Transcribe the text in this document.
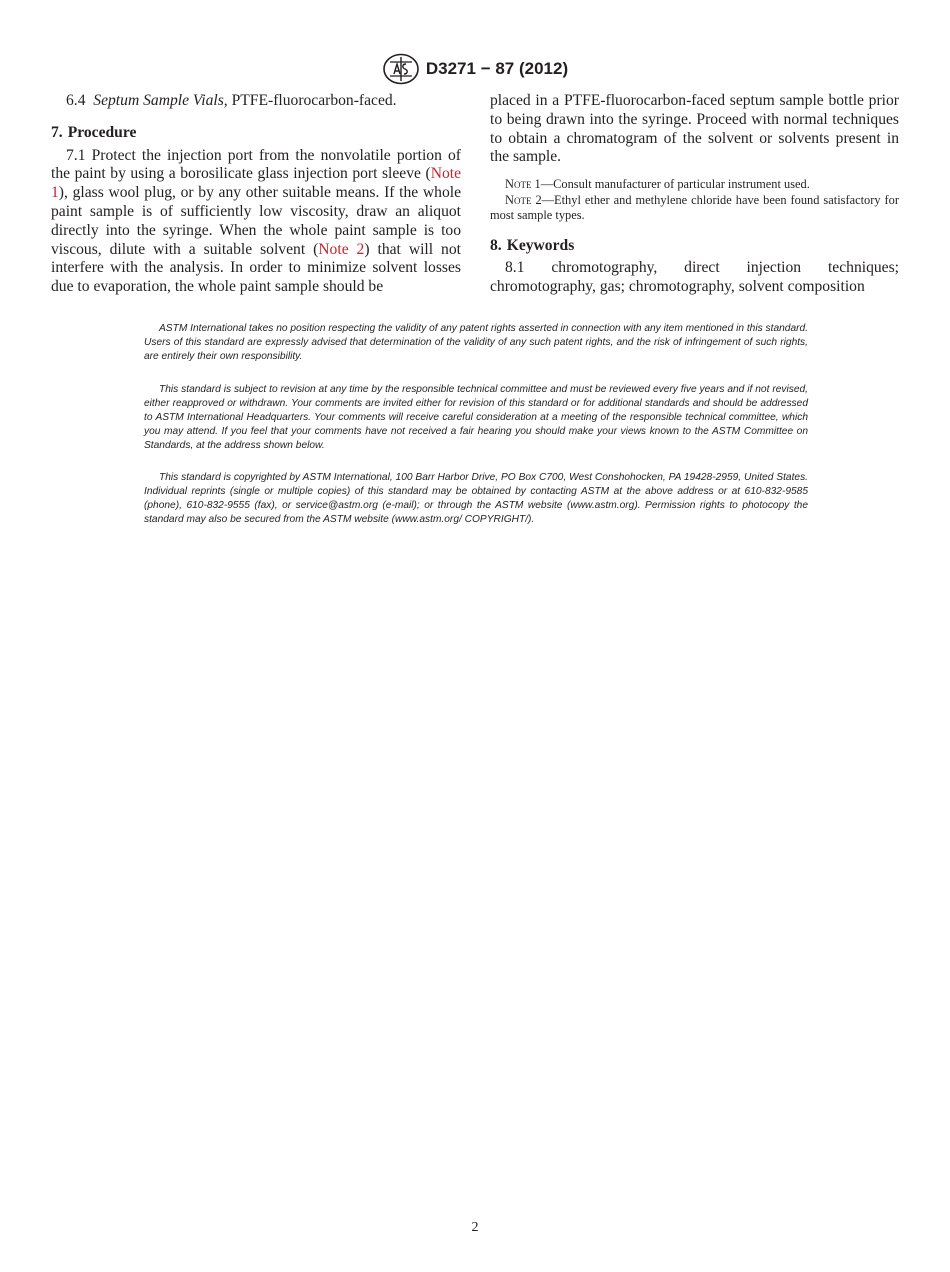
D3271 − 87 (2012)

6.4 Septum Sample Vials, PTFE-fluorocarbon-faced.

7. Procedure

7.1 Protect the injection port from the nonvolatile portion of the paint by using a borosilicate glass injection port sleeve (Note 1), glass wool plug, or by any other suitable means. If the whole paint sample is of sufficiently low viscosity, draw an aliquot directly into the syringe. When the whole paint sample is too viscous, dilute with a suitable solvent (Note 2) that will not interfere with the analysis. In order to minimize solvent losses due to evaporation, the whole paint sample should be

placed in a PTFE-fluorocarbon-faced septum sample bottle prior to being drawn into the syringe. Proceed with normal techniques to obtain a chromatogram of the solvent or solvents present in the sample.

Note 1—Consult manufacturer of particular instrument used.

Note 2—Ethyl ether and methylene chloride have been found satisfactory for most sample types.

8. Keywords

8.1 chromotography, direct injection techniques; chromotography, gas; chromotography, solvent composition

ASTM International takes no position respecting the validity of any patent rights asserted in connection with any item mentioned in this standard. Users of this standard are expressly advised that determination of the validity of any such patent rights, and the risk of infringement of such rights, are entirely their own responsibility.

This standard is subject to revision at any time by the responsible technical committee and must be reviewed every five years and if not revised, either reapproved or withdrawn. Your comments are invited either for revision of this standard or for additional standards and should be addressed to ASTM International Headquarters. Your comments will receive careful consideration at a meeting of the responsible technical committee, which you may attend. If you feel that your comments have not received a fair hearing you should make your views known to the ASTM Committee on Standards, at the address shown below.

This standard is copyrighted by ASTM International, 100 Barr Harbor Drive, PO Box C700, West Conshohocken, PA 19428-2959, United States. Individual reprints (single or multiple copies) of this standard may be obtained by contacting ASTM at the above address or at 610-832-9585 (phone), 610-832-9555 (fax), or service@astm.org (e-mail); or through the ASTM website (www.astm.org). Permission rights to photocopy the standard may also be secured from the ASTM website (www.astm.org/ COPYRIGHT/).

2
